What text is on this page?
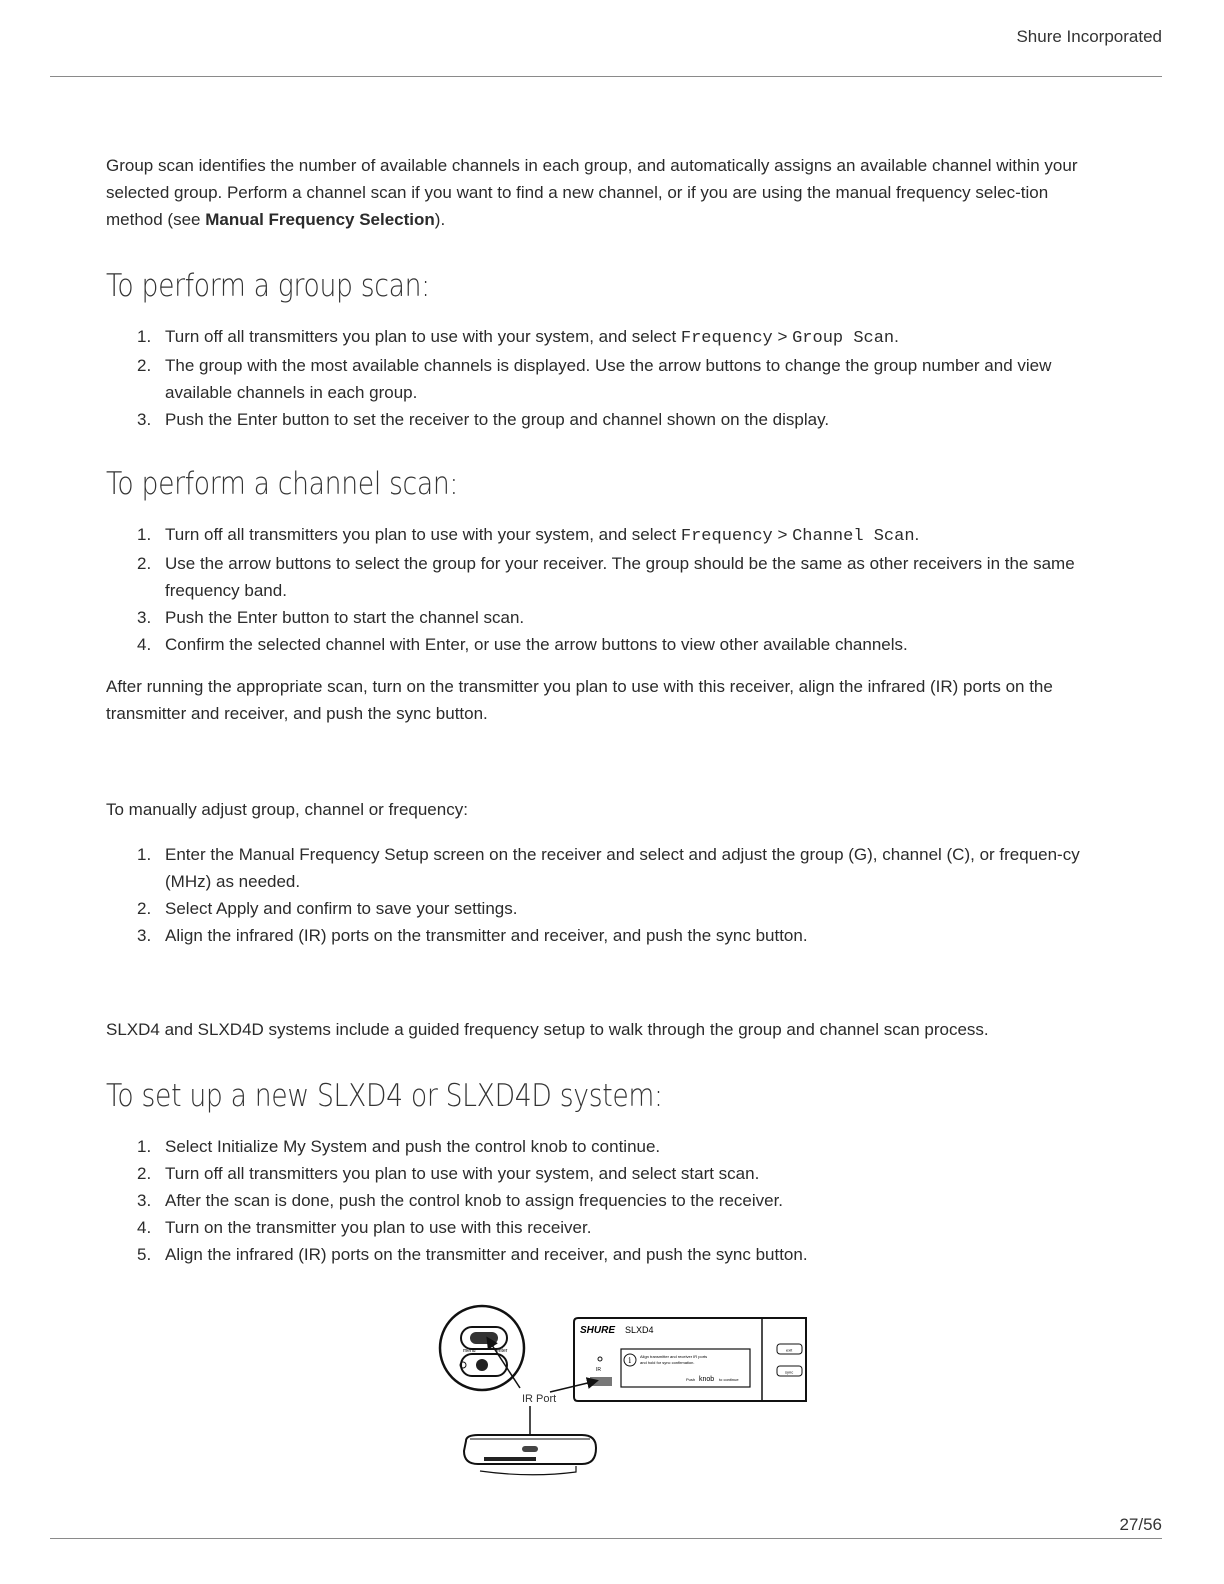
Shure Incorporated

Group scan identifies the number of available channels in each group, and automatically assigns an available channel within your selected group. Perform a channel scan if you want to find a new channel, or if you are using the manual frequency selec-tion method (see Manual Frequency Selection).

To perform a group scan:
1. Turn off all transmitters you plan to use with your system, and select Frequency > Group Scan.
2. The group with the most available channels is displayed. Use the arrow buttons to change the group number and view available channels in each group.
3. Push the Enter button to set the receiver to the group and channel shown on the display.
To perform a channel scan:
1. Turn off all transmitters you plan to use with your system, and select Frequency > Channel Scan.
2. Use the arrow buttons to select the group for your receiver. The group should be the same as other receivers in the same frequency band.
3. Push the Enter button to start the channel scan.
4. Confirm the selected channel with Enter, or use the arrow buttons to view other available channels.

After running the appropriate scan, turn on the transmitter you plan to use with this receiver, align the infrared (IR) ports on the transmitter and receiver, and push the sync button.

To manually adjust group, channel or frequency:

1. Enter the Manual Frequency Setup screen on the receiver and select and adjust the group (G), channel (C), or frequen-cy (MHz) as needed.
2. Select Apply and confirm to save your settings.
3. Align the infrared (IR) ports on the transmitter and receiver, and push the sync button.

SLXD4 and SLXD4D systems include a guided frequency setup to walk through the group and channel scan process.

To set up a new SLXD4 or SLXD4D system:
1. Select Initialize My System and push the control knob to continue.
2. Turn off all transmitters you plan to use with your system, and select start scan.
3. After the scan is done, push the control knob to assign frequencies to the receiver.
4. Turn on the transmitter you plan to use with this receiver.
5. Align the infrared (IR) ports on the transmitter and receiver, and push the sync button.
menu	enter
SHURE SLXD4
IR
i Align transmitter and receiver IR ports
and hold for sync confirmation.
Push knob to continue
exit
sync
IR Port
27/56
